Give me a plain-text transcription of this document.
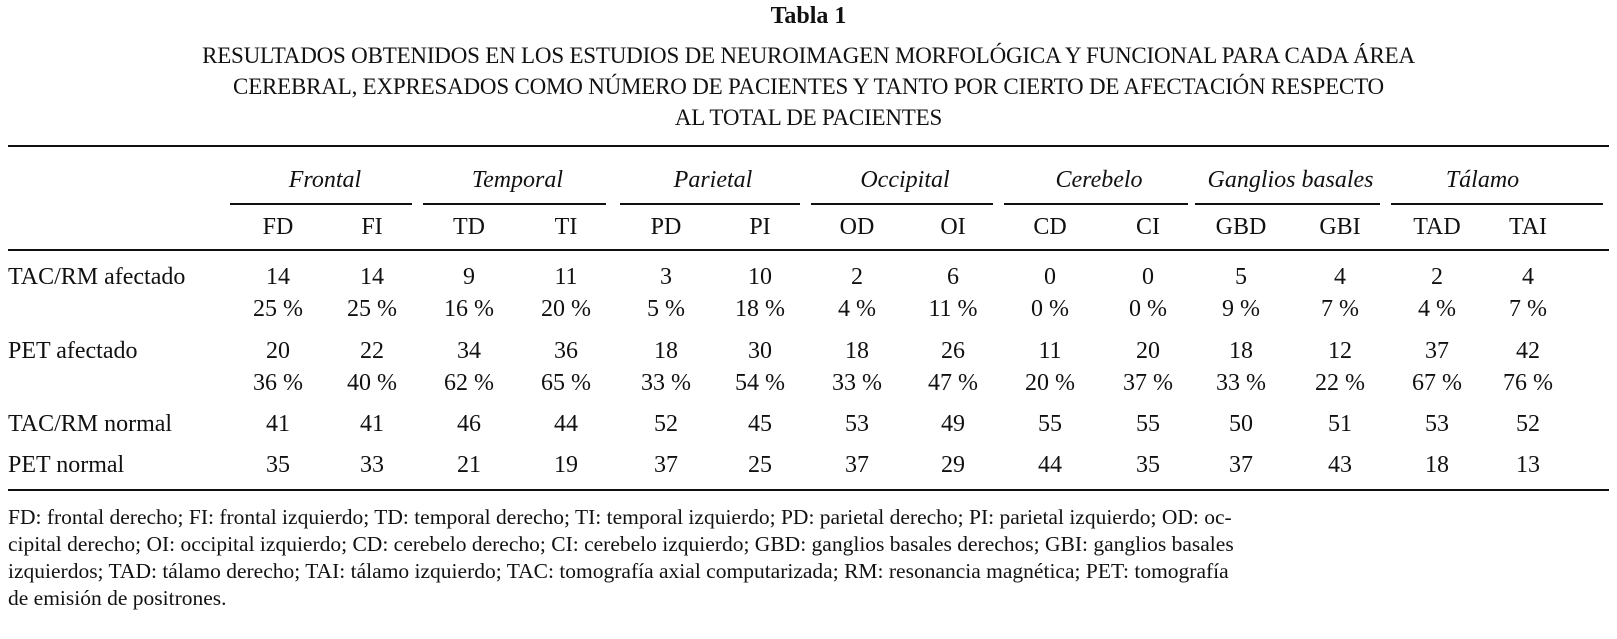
Tabla 1
RESULTADOS OBTENIDOS EN LOS ESTUDIOS DE NEUROIMAGEN MORFOLÓGICA Y FUNCIONAL PARA CADA ÁREA
CEREBRAL, EXPRESADOS COMO NÚMERO DE PACIENTES Y TANTO POR CIERTO DE AFECTACIÓN RESPECTO
AL TOTAL DE PACIENTES
Frontal	Temporal	Parietal	Occipital	Cerebelo	Ganglios basales	Tálamo
FD	FI	TD	TI	PD	PI	OD	OI	CD	CI	GBD	GBI	TAD	TAI
TAC/RM afectado	14	14	9	11	3	10	2	6	0	0	5	4	2	4
25 %	25 %	16 %	20 %	5 %	18 %	4 %	11 %	0 %	0 %	9 %	7 %	4 %	7 %
PET afectado	20	22	34	36	18	30	18	26	11	20	18	12	37	42
36 %	40 %	62 %	65 %	33 %	54 %	33 %	47 %	20 %	37 %	33 %	22 %	67 %	76 %
TAC/RM normal	41	41	46	44	52	45	53	49	55	55	50	51	53	52
PET normal	35	33	21	19	37	25	37	29	44	35	37	43	18	13
FD: frontal derecho; FI: frontal izquierdo; TD: temporal derecho; TI: temporal izquierdo; PD: parietal derecho; PI: parietal izquierdo; OD: oc-
cipital derecho; OI: occipital izquierdo; CD: cerebelo derecho; CI: cerebelo izquierdo; GBD: ganglios basales derechos; GBI: ganglios basales
izquierdos; TAD: tálamo derecho; TAI: tálamo izquierdo; TAC: tomografía axial computarizada; RM: resonancia magnética; PET: tomografía
de emisión de positrones.
